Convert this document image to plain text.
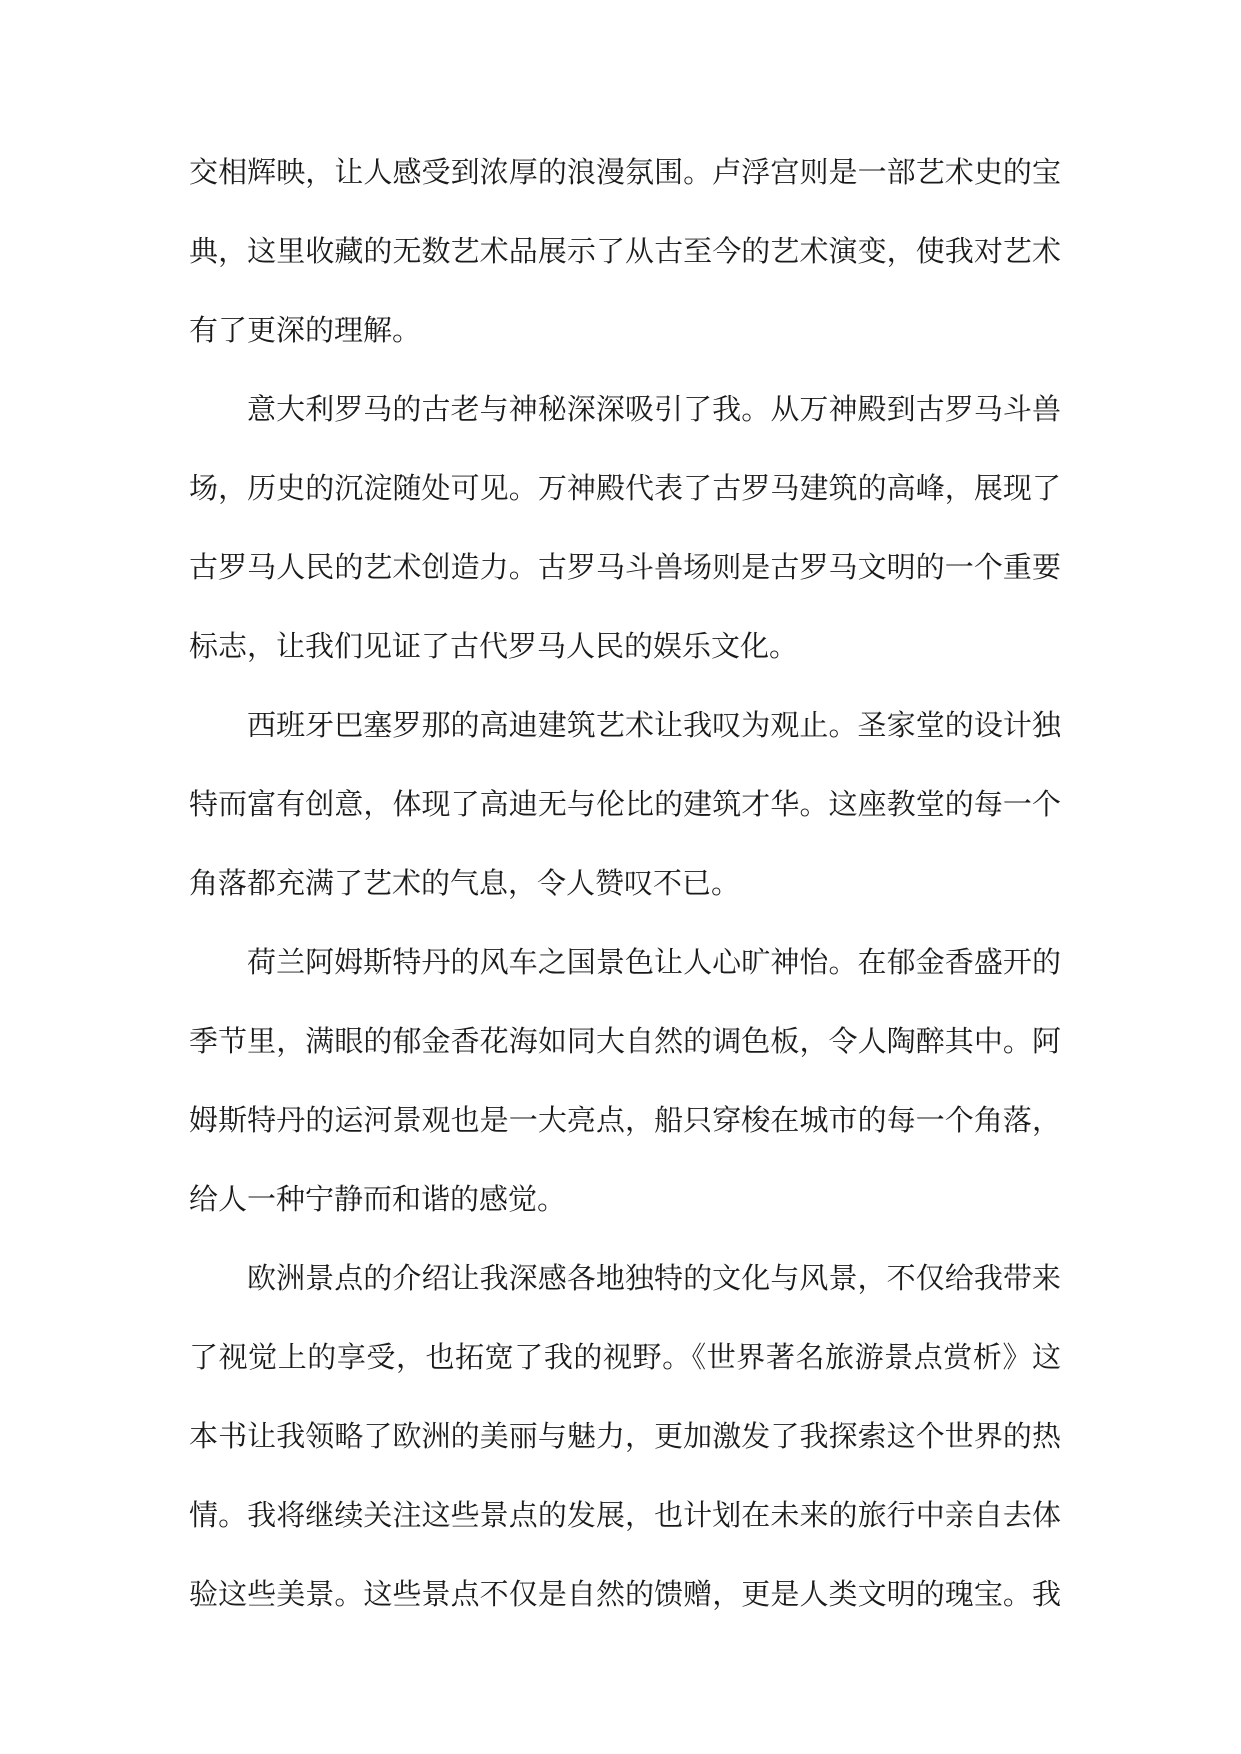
交相辉映，让人感受到浓厚的浪漫氛围。卢浮宫则是一部艺术史的宝
典，这里收藏的无数艺术品展示了从古至今的艺术演变，使我对艺术
有了更深的理解。
意大利罗马的古老与神秘深深吸引了我。从万神殿到古罗马斗兽
场，历史的沉淀随处可见。万神殿代表了古罗马建筑的高峰，展现了
古罗马人民的艺术创造力。古罗马斗兽场则是古罗马文明的一个重要
标志，让我们见证了古代罗马人民的娱乐文化。
西班牙巴塞罗那的高迪建筑艺术让我叹为观止。圣家堂的设计独
特而富有创意，体现了高迪无与伦比的建筑才华。这座教堂的每一个
角落都充满了艺术的气息，令人赞叹不已。
荷兰阿姆斯特丹的风车之国景色让人心旷神怡。在郁金香盛开的
季节里，满眼的郁金香花海如同大自然的调色板，令人陶醉其中。阿
姆斯特丹的运河景观也是一大亮点，船只穿梭在城市的每一个角落，
给人一种宁静而和谐的感觉。
欧洲景点的介绍让我深感各地独特的文化与风景，不仅给我带来
了视觉上的享受，也拓宽了我的视野。《世界著名旅游景点赏析》这
本书让我领略了欧洲的美丽与魅力，更加激发了我探索这个世界的热
情。我将继续关注这些景点的发展，也计划在未来的旅行中亲自去体
验这些美景。这些景点不仅是自然的馈赠，更是人类文明的瑰宝。我
